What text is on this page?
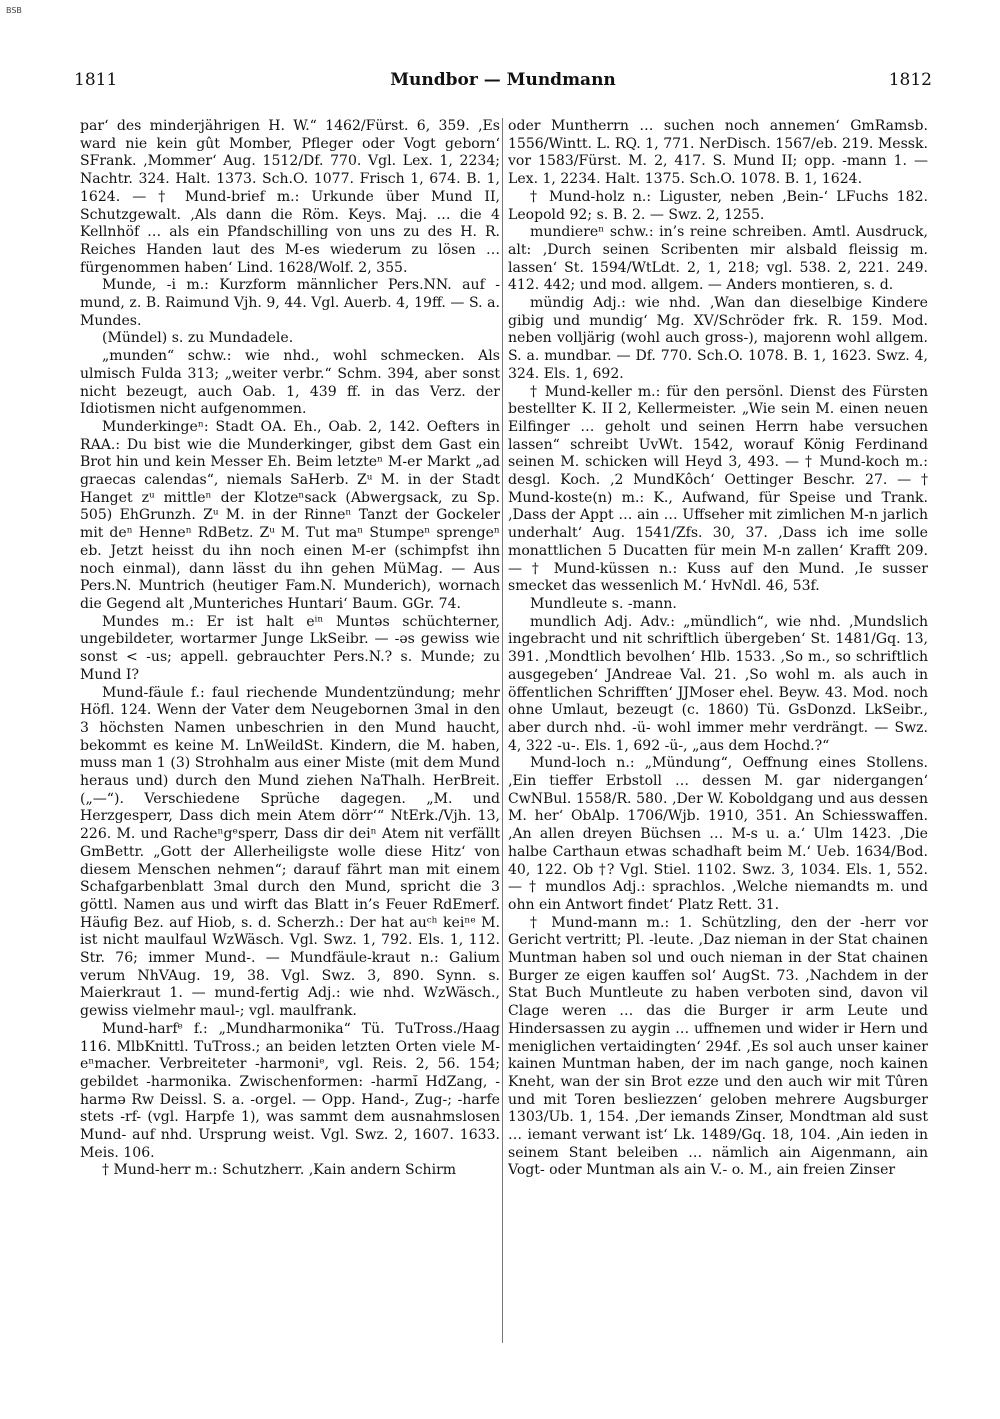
BSB
1811	Mundbor — Mundmann	1812

par‘ des minderjährigen H. W.“ 1462/Fürst. 6, 359. ‚Es ward nie kein gût Momber, Pfleger oder Vogt geborn‘ SFrank. ‚Mommer‘ Aug. 1512/Df. 770. Vgl. Lex. 1, 2234; Nachtr. 324. Halt. 1373. Sch.O. 1077. Frisch 1, 674. B. 1, 1624. — † Mund-brief m.: Urkunde über Mund II, Schutzgewalt. ‚Als dann die Röm. Keys. Maj. … die 4 Kellnhöf … als ein Pfandschilling von uns zu des H. R. Reiches Handen laut des M-es wiederum zu lösen … fürgenommen haben‘ Lind. 1628/Wolf. 2, 355.

Munde, -i m.: Kurzform männlicher Pers.NN. auf -mund, z. B. Raimund Vjh. 9, 44. Vgl. Auerb. 4, 19ff. — S. a. Mundes.

(Mündel) s. zu Mundadele.

„munden“ schw.: wie nhd., wohl schmecken. Als ulmisch Fulda 313; „weiter verbr.“ Schm. 394, aber sonst nicht bezeugt, auch Oab. 1, 439 ff. in das Verz. der Idiotismen nicht aufgenommen.

Munderkingeⁿ: Stadt OA. Eh., Oab. 2, 142. Oefters in RAA.: Du bist wie die Munderkinger, gibst dem Gast ein Brot hin und kein Messer Eh. Beim letzteⁿ M-er Markt „ad graecas calendas“, niemals SaHerb. Zᵘ M. in der Stadt Hanget zᵘ mittleⁿ der Klotzeⁿsack (Abwergsack, zu Sp. 505) EhGrunzh. Zᵘ M. in der Rinneⁿ Tanzt der Gockeler mit deⁿ Henneⁿ RdBetz. Zᵘ M. Tut maⁿ Stumpeⁿ sprengeⁿ eb. Jetzt heisst du ihn noch einen M-er (schimpfst ihn noch einmal), dann lässt du ihn gehen MüMag. — Aus Pers.N. Muntrich (heutiger Fam.N. Munderich), wornach die Gegend alt ‚Munteriches Huntari‘ Baum. GGr. 74.

Mundes m.: Er ist halt eⁱⁿ Muntəs schüchterner, ungebildeter, wortarmer Junge LkSeibr. — -əs gewiss wie sonst < -us; appell. gebrauchter Pers.N.? s. Munde; zu Mund I?

Mund-fäule f.: faul riechende Mundentzündung; mehr Höfl. 124. Wenn der Vater dem Neugebornen 3mal in den 3 höchsten Namen unbeschrien in den Mund haucht, bekommt es keine M. LnWeildSt. Kindern, die M. haben, muss man 1 (3) Strohhalm aus einer Miste (mit dem Mund heraus und) durch den Mund ziehen NaThalh. HerBreit. („—“). Verschiedene Sprüche dagegen. „M. und Herzgesperr, Dass dich mein Atem dörr‘“ NtErk./Vjh. 13, 226. M. und Racheⁿgᵉsperr, Dass dir deiⁿ Atem nit verfällt GmBettr. „Gott der Allerheiligste wolle diese Hitz‘ von diesem Menschen nehmen“; darauf fährt man mit einem Schafgarbenblatt 3mal durch den Mund, spricht die 3 göttl. Namen aus und wirft das Blatt in’s Feuer RdEmerf. Häufig Bez. auf Hiob, s. d. Scherzh.: Der hat auᶜʰ keiⁿᵉ M. ist nicht maulfaul WzWäsch. Vgl. Swz. 1, 792. Els. 1, 112. Str. 76; immer Mund-. — Mundfäule-kraut n.: Galium verum NhVAug. 19, 38. Vgl. Swz. 3, 890. Synn. s. Maierkraut 1. — mund-fertig Adj.: wie nhd. WzWäsch., gewiss vielmehr maul-; vgl. maulfrank.

Mund-harfᵉ f.: „Mundharmonika“ Tü. TuTross./Haag 116. MlbKnittl. TuTross.; an beiden letzten Orten viele M-eⁿmacher. Verbreiteter -harmoniᵉ, vgl. Reis. 2, 56. 154; gebildet -harmonika. Zwischenformen: -harmĭ HdZang, -harmə Rw Deissl. S. a. -orgel. — Opp. Hand-, Zug-; -harfe stets -rf- (vgl. Harpfe 1), was sammt dem ausnahmslosen Mund- auf nhd. Ursprung weist. Vgl. Swz. 2, 1607. 1633. Meis. 106.

† Mund-herr m.: Schutzherr. ‚Kain andern Schirm

oder Muntherrn … suchen noch annemen‘ GmRamsb. 1556/Wintt. L. RQ. 1, 771. NerDisch. 1567/eb. 219. Messk. vor 1583/Fürst. M. 2, 417. S. Mund II; opp. -mann 1. — Lex. 1, 2234. Halt. 1375. Sch.O. 1078. B. 1, 1624.

† Mund-holz n.: Liguster, neben ‚Bein-‘ LFuchs 182. Leopold 92; s. B. 2. — Swz. 2, 1255.

mundiereⁿ schw.: in’s reine schreiben. Amtl. Ausdruck, alt: ‚Durch seinen Scribenten mir alsbald fleissig m. lassen‘ St. 1594/WtLdt. 2, 1, 218; vgl. 538. 2, 221. 249. 412. 442; und mod. allgem. — Anders montieren, s. d.

mündig Adj.: wie nhd. ‚Wan dan dieselbige Kindere gibig und mundig‘ Mg. XV/Schröder frk. R. 159. Mod. neben volljärig (wohl auch gross-), majorenn wohl allgem. S. a. mundbar. — Df. 770. Sch.O. 1078. B. 1, 1623. Swz. 4, 324. Els. 1, 692.

† Mund-keller m.: für den persönl. Dienst des Fürsten bestellter K. II 2, Kellermeister. „Wie sein M. einen neuen Eilfinger … geholt und seinen Herrn habe versuchen lassen“ schreibt UvWt. 1542, worauf König Ferdinand seinen M. schicken will Heyd 3, 493. — † Mund-koch m.: desgl. Koch. ‚2 MundKôch‘ Oettinger Beschr. 27. — † Mund-koste(n) m.: K., Aufwand, für Speise und Trank. ‚Dass der Appt … ain … Uffseher mit zimlichen M-n jarlich underhalt‘ Aug. 1541/Zfs. 30, 37. ‚Dass ich ime solle monattlichen 5 Ducatten für mein M-n zallen‘ Krafft 209. — † Mund-küssen n.: Kuss auf den Mund. ‚Ie susser smecket das wessenlich M.‘ HvNdl. 46, 53f.

Mundleute s. -mann.

mundlich Adj. Adv.: „mündlich“, wie nhd. ‚Mundslich ingebracht und nit schriftlich übergeben‘ St. 1481/Gq. 13, 391. ‚Mondtlich bevolhen‘ Hlb. 1533. ‚So m., so schriftlich ausgegeben‘ JAndreae Val. 21. ‚So wohl m. als auch in öffentlichen Schrifften‘ JJMoser ehel. Beyw. 43. Mod. noch ohne Umlaut, bezeugt (c. 1860) Tü. GsDonzd. LkSeibr., aber durch nhd. -ü- wohl immer mehr verdrängt. — Swz. 4, 322 -u-. Els. 1, 692 -ü-, „aus dem Hochd.?“

Mund-loch n.: „Mündung“, Oeffnung eines Stollens. ‚Ein tieffer Erbstoll … dessen M. gar nidergangen‘ CwNBul. 1558/R. 580. ‚Der W. Koboldgang und aus dessen M. her‘ ObAlp. 1706/Wjb. 1910, 351. An Schiesswaffen. ‚An allen dreyen Büchsen … M-s u. a.‘ Ulm 1423. ‚Die halbe Carthaun etwas schadhaft beim M.‘ Ueb. 1634/Bod. 40, 122. Ob †? Vgl. Stiel. 1102. Swz. 3, 1034. Els. 1, 552. — † mundlos Adj.: sprachlos. ‚Welche niemandts m. und ohn ein Antwort findet‘ Platz Rett. 31.

† Mund-mann m.: 1. Schützling, den der -herr vor Gericht vertritt; Pl. -leute. ‚Daz nieman in der Stat chainen Muntman haben sol und ouch nieman in der Stat chainen Burger ze eigen kauffen sol‘ AugSt. 73. ‚Nachdem in der Stat Buch Muntleute zu haben verboten sind, davon vil Clage weren … das die Burger ir arm Leute und Hindersassen zu aygin … uffnemen und wider ir Hern und meniglichen vertaidingten‘ 294f. ‚Es sol auch unser kainer kainen Muntman haben, der im nach gange, noch kainen Kneht, wan der sin Brot ezze und den auch wir mit Tûren und mit Toren besliezzen‘ geloben mehrere Augsburger 1303/Ub. 1, 154. ‚Der iemands Zinser, Mondtman ald sust … iemant verwant ist‘ Lk. 1489/Gq. 18, 104. ‚Ain ieden in seinem Stant beleiben … nämlich ain Aigenmann, ain Vogt- oder Muntman als ain V.- o. M., ain freien Zinser
